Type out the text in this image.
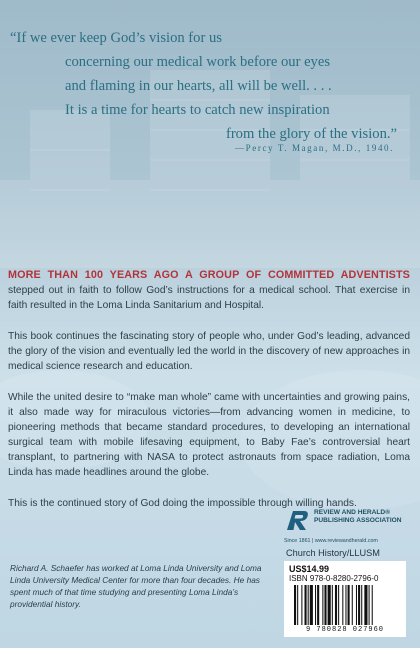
“If we ever keep God’s vision for us
concerning our medical work before our eyes
and flaming in our hearts, all will be well. . . .
It is a time for hearts to catch new inspiration
from the glory of the vision.”

—Percy T. Magan, M.D., 1940.

MORE THAN 100 YEARS AGO A GROUP OF COMMITTED ADVENTISTS stepped out in faith to follow God’s instructions for a medical school. That exercise in faith resulted in the Loma Linda Sanitarium and Hospital.

This book continues the fascinating story of people who, under God’s leading, advanced the glory of the vision and eventually led the world in the discovery of new approaches in medical science research and education.

While the united desire to “make man whole” came with uncertainties and growing pains, it also made way for miraculous victories—from advancing women in medicine, to pioneering methods that became standard procedures, to developing an international surgical team with mobile lifesaving equipment, to Baby Fae’s controversial heart transplant, to partnering with NASA to protect astronauts from space radiation, Loma Linda has made headlines around the globe.

This is the continued story of God doing the impossible through willing hands.

REVIEW AND HERALD®
PUBLISHING ASSOCIATION
Since 1861 | www.reviewandherald.com
Church History/LLUSM

Richard A. Schaefer has worked at Loma Linda University and Loma Linda University Medical Center for more than four decades. He has spent much of that time studying and presenting Loma Linda’s providential history.

US$14.99
ISBN 978-0-8280-2796-0
9 780828 027960
